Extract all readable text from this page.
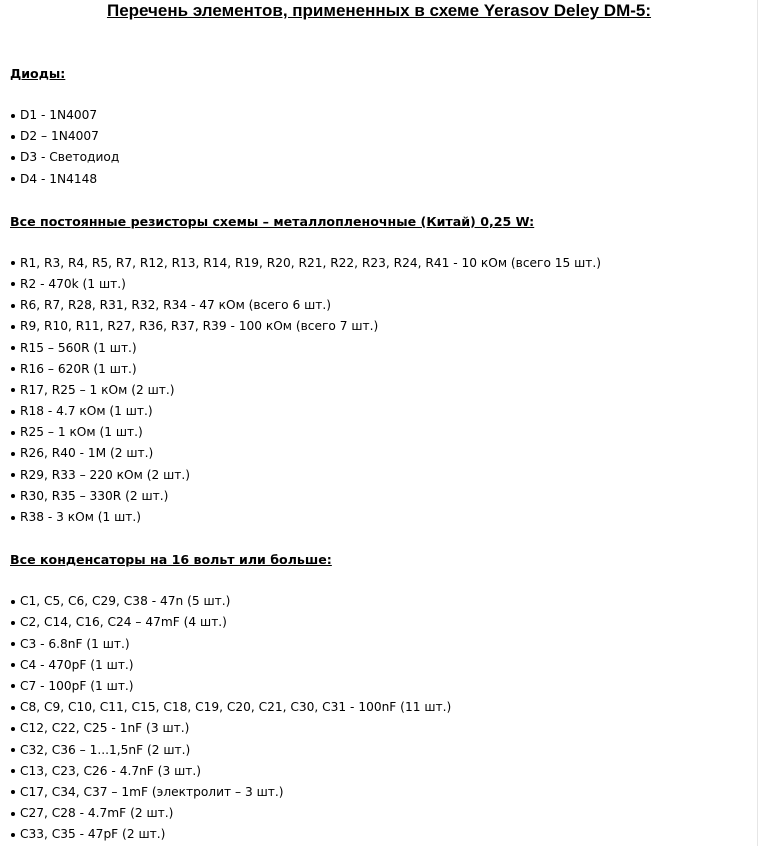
Перечень элементов, примененных в схеме Yerasov Deley DM-5:
Диоды:
D1 - 1N4007
D2 – 1N4007
D3 - Светодиод
D4 - 1N4148
Все постоянные резисторы схемы – металлопленочные (Китай) 0,25 W:
R1, R3, R4, R5, R7, R12, R13, R14, R19, R20, R21, R22, R23, R24, R41 - 10 кОм (всего 15 шт.)
R2 - 470k (1 шт.)
R6, R7, R28, R31, R32, R34 - 47 кОм (всего 6 шт.)
R9, R10, R11, R27, R36, R37, R39 - 100 кОм (всего 7 шт.)
R15 – 560R (1 шт.)
R16 – 620R (1 шт.)
R17, R25 – 1 кОм (2 шт.)
R18 - 4.7 кОм (1 шт.)
R25 – 1 кОм (1 шт.)
R26, R40 - 1M (2 шт.)
R29, R33 – 220 кОм (2 шт.)
R30, R35 – 330R (2 шт.)
R38 - 3 кОм (1 шт.)
Все конденсаторы на 16 вольт или больше:
C1, C5, C6, C29, C38 - 47n (5 шт.)
C2, C14, C16, C24 – 47mF (4 шт.)
C3 - 6.8nF (1 шт.)
C4 - 470pF (1 шт.)
C7 - 100pF (1 шт.)
C8, C9, C10, C11, C15, C18, C19, C20, C21, C30, C31 - 100nF (11 шт.)
C12, C22, C25 - 1nF (3 шт.)
C32, C36 – 1...1,5nF (2 шт.)
C13, C23, C26 - 4.7nF (3 шт.)
C17, C34, C37 – 1mF (электролит – 3 шт.)
C27, C28 - 4.7mF (2 шт.)
C33, C35 - 47pF (2 шт.)
